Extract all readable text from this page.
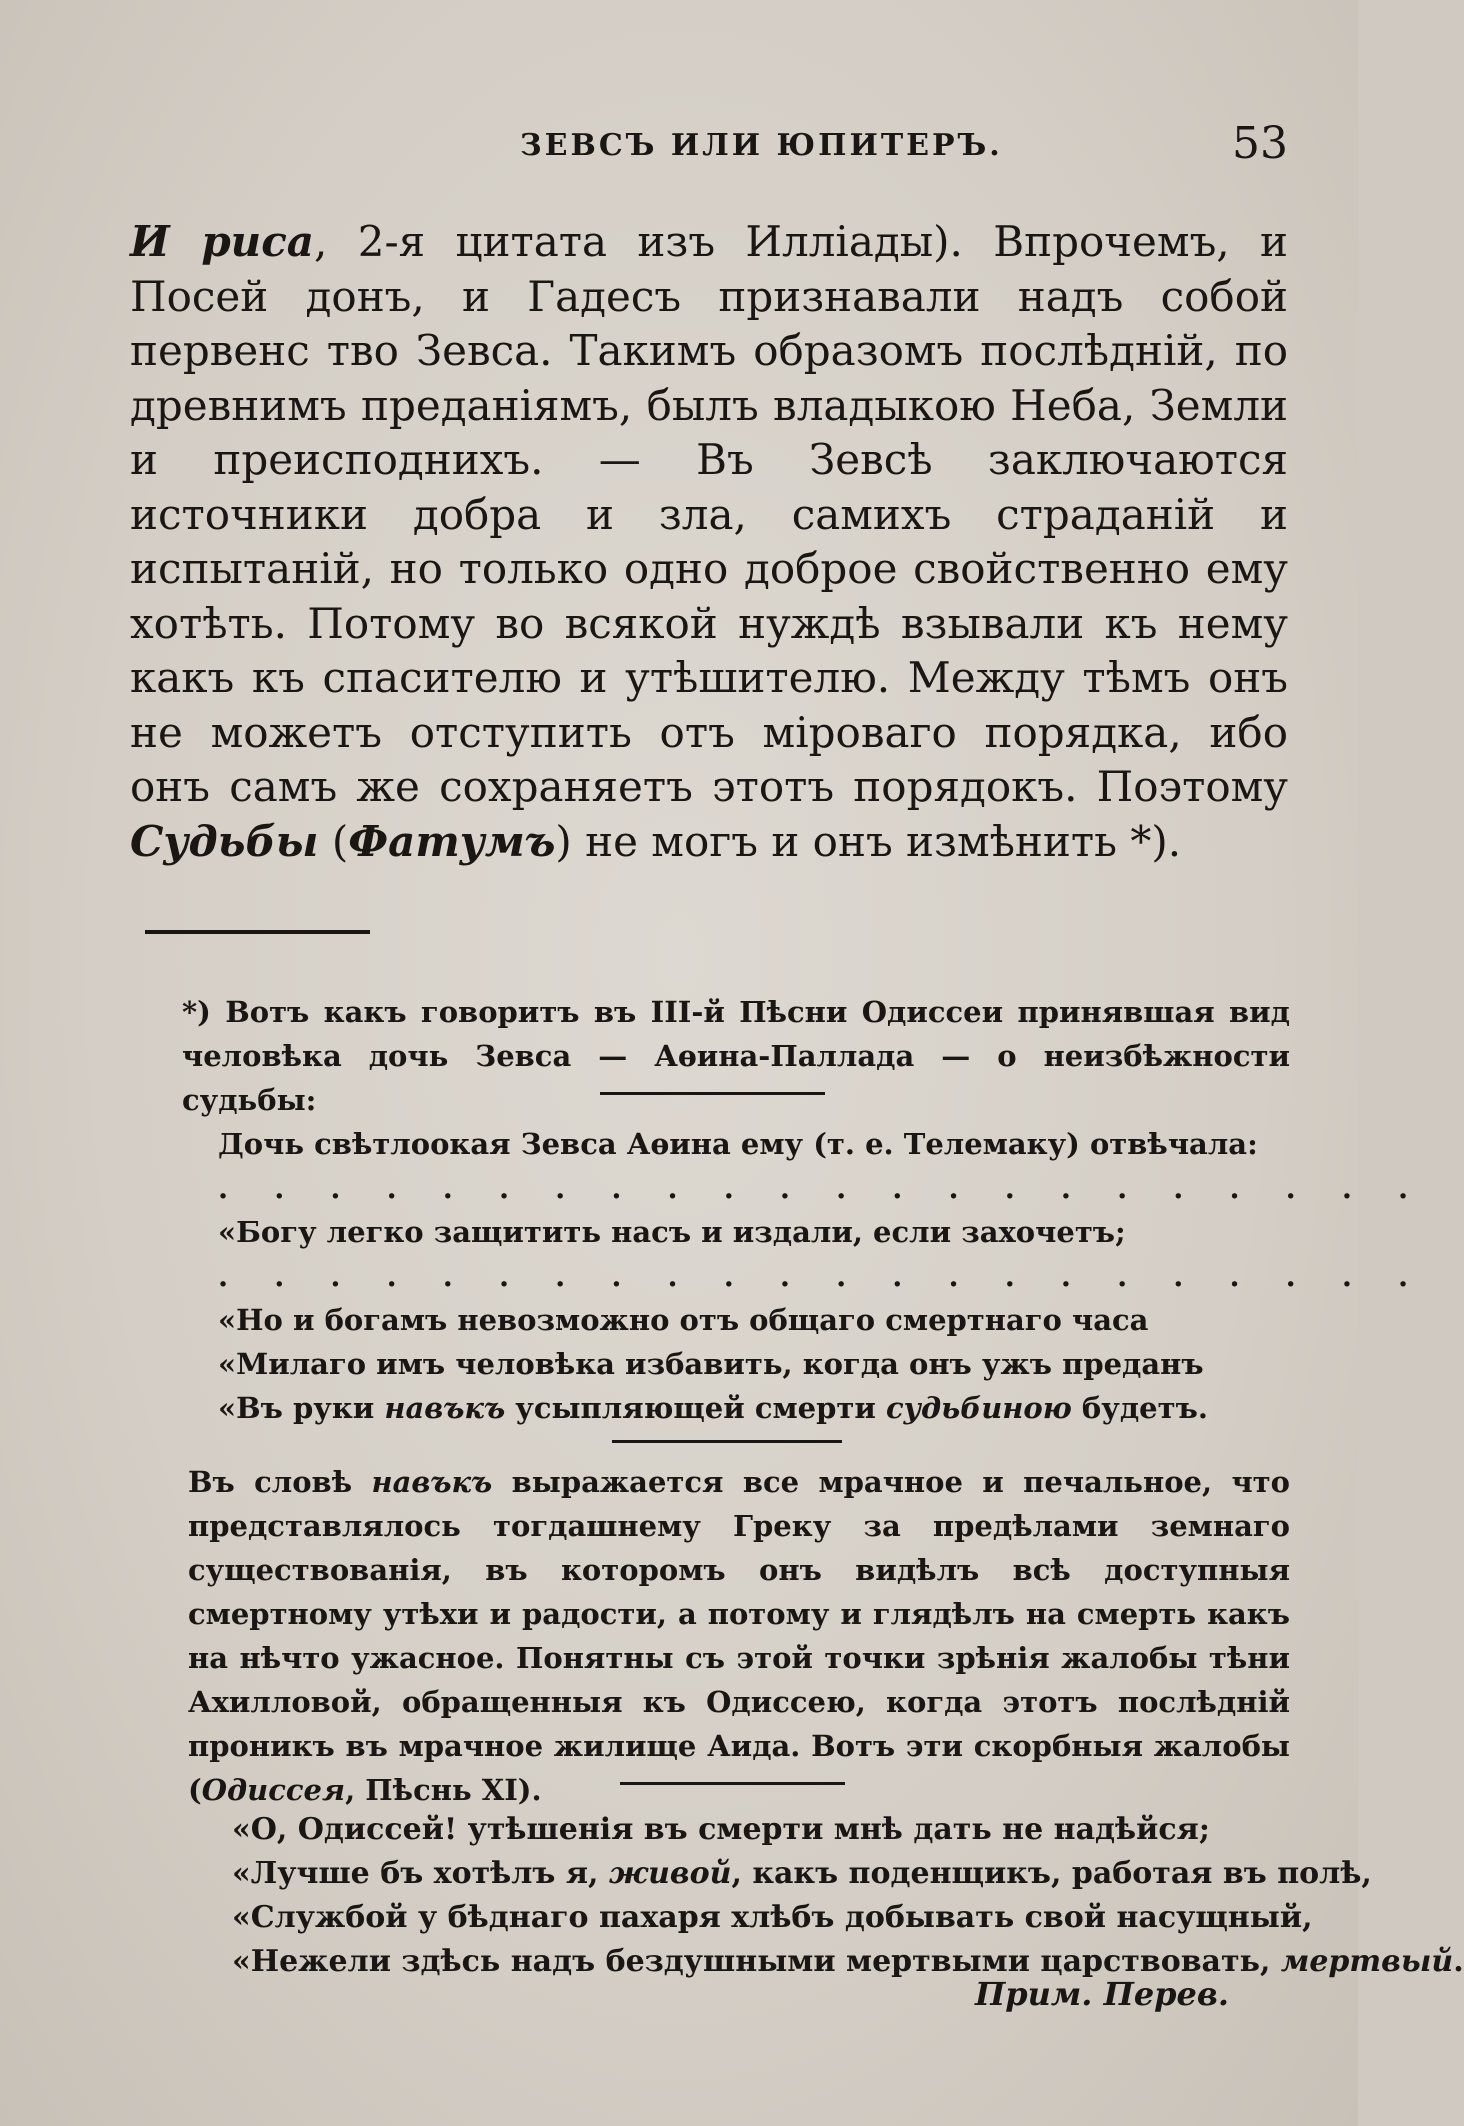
ЗЕВСЪ ИЛИ ЮПИТЕРЪ.	53

И риса, 2-я цитата изъ Илліады). Впрочемъ, и Посей донъ, и Гадесъ признавали надъ собой первенс тво Зевса. Такимъ образомъ послѣдній, по древнимъ преданіямъ, былъ владыкою Неба, Земли и преисподнихъ. — Въ Зевсѣ заключаются источники добра и зла, самихъ страданій и испытаній, но только одно доброе свойственно ему хотѣть. Потому во всякой нуждѣ взывали къ нему какъ къ спасителю и утѣшителю. Между тѣмъ онъ не можетъ отступить отъ міроваго порядка, ибо онъ самъ же сохраняетъ этотъ порядокъ. Поэтому Судьбы (Фатумъ) не могъ и онъ измѣнить *).

*) Вотъ какъ говоритъ въ III-й Пѣсни Одиссеи принявшая вид человѣка дочь Зевса — Аѳина-Паллада — о неизбѣжности судьбы:
Дочь свѣтлоокая Зевса Аѳина ему (т. е. Телемаку) отвѣчала:
. . . . . . . . . . . . . . . . . . . . . .
«Богу легко защитить насъ и издали, если захочетъ;
. . . . . . . . . . . . . . . . . . . . . .
«Но и богамъ невозможно отъ общаго смертнаго часа
«Милаго имъ человѣка избавить, когда онъ ужъ преданъ
«Въ руки навъкъ усыпляющей смерти судьбиною будетъ.
Въ словѣ навъкъ выражается все мрачное и печальное, что представлялось тогдашнему Греку за предѣлами земнаго существованія, въ которомъ онъ видѣлъ всѣ доступныя смертному утѣхи и радости, а потому и глядѣлъ на смерть какъ на нѣчто ужасное. Понятны съ этой точки зрѣнія жалобы тѣни Ахилловой, обращенныя къ Одиссею, когда этотъ послѣдній проникъ въ мрачное жилище Аида. Вотъ эти скорбныя жалобы (Одиссея, Пѣснь XI).
«О, Одиссей! утѣшенія въ смерти мнѣ дать не надѣйся;
«Лучше бъ хотѣлъ я, живой, какъ поденщикъ, работая въ полѣ,
«Службой у бѣднаго пахаря хлѣбъ добывать свой насущный,
«Нежели здѣсь надъ бездушными мертвыми царствовать, мертвый.
Прим. Перев.
